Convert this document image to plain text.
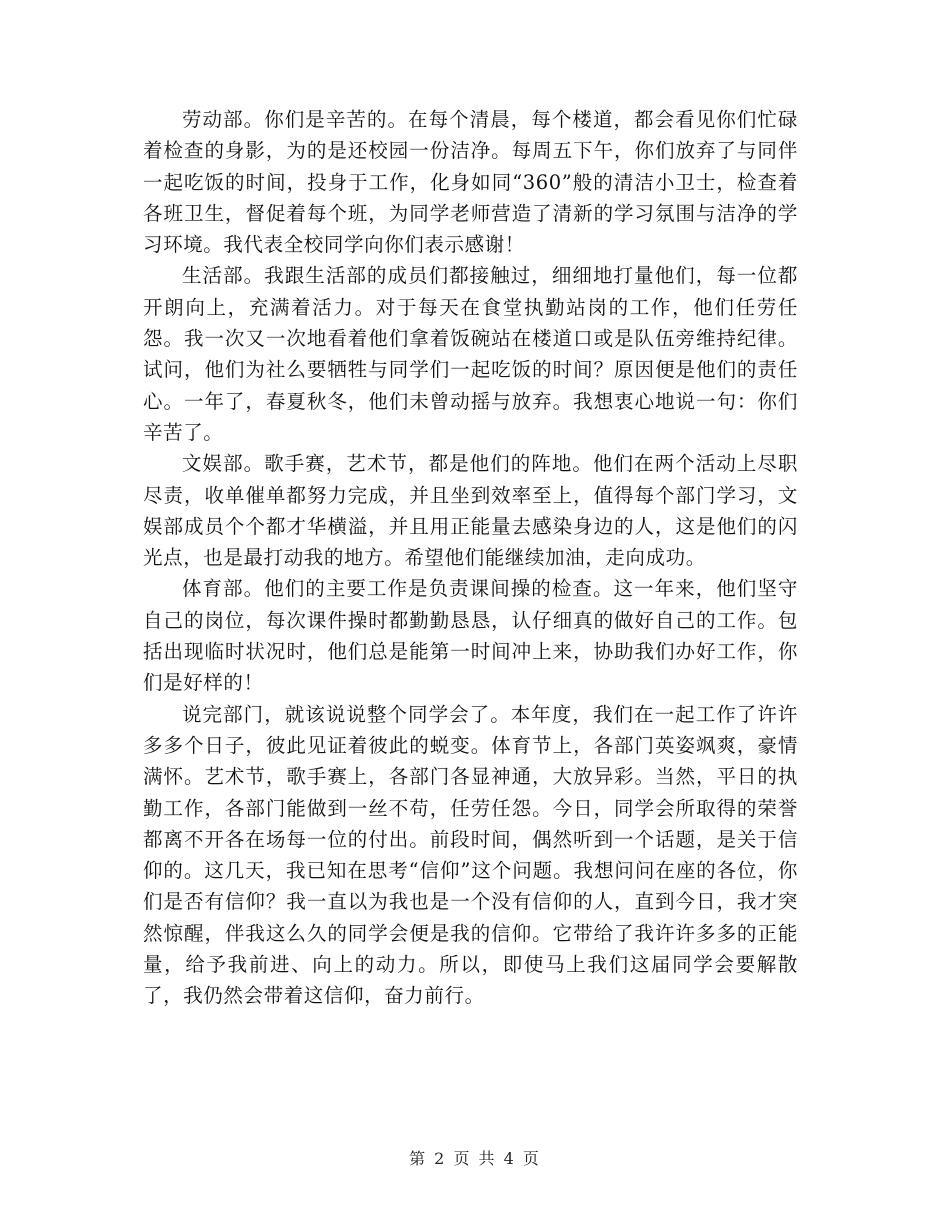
劳动部。你们是辛苦的。在每个清晨，每个楼道，都会看见你们忙碌着检查的身影，为的是还校园一份洁净。每周五下午，你们放弃了与同伴一起吃饭的时间，投身于工作，化身如同“360”般的清洁小卫士，检查着各班卫生，督促着每个班，为同学老师营造了清新的学习氛围与洁净的学习环境。我代表全校同学向你们表示感谢！

生活部。我跟生活部的成员们都接触过，细细地打量他们，每一位都开朗向上，充满着活力。对于每天在食堂执勤站岗的工作，他们任劳任怨。我一次又一次地看着他们拿着饭碗站在楼道口或是队伍旁维持纪律。试问，他们为社么要牺牲与同学们一起吃饭的时间？原因便是他们的责任心。一年了，春夏秋冬，他们未曾动摇与放弃。我想衷心地说一句：你们辛苦了。

文娱部。歌手赛，艺术节，都是他们的阵地。他们在两个活动上尽职尽责，收单催单都努力完成，并且坐到效率至上，值得每个部门学习，文娱部成员个个都才华横溢，并且用正能量去感染身边的人，这是他们的闪光点，也是最打动我的地方。希望他们能继续加油，走向成功。

体育部。他们的主要工作是负责课间操的检查。这一年来，他们坚守自己的岗位，每次课件操时都勤勤恳恳，认仔细真的做好自己的工作。包括出现临时状况时，他们总是能第一时间冲上来，协助我们办好工作，你们是好样的！

说完部门，就该说说整个同学会了。本年度，我们在一起工作了许许多多个日子，彼此见证着彼此的蜕变。体育节上，各部门英姿飒爽，豪情满怀。艺术节，歌手赛上，各部门各显神通，大放异彩。当然，平日的执勤工作，各部门能做到一丝不苟，任劳任怨。今日，同学会所取得的荣誉都离不开各在场每一位的付出。前段时间，偶然听到一个话题，是关于信仰的。这几天，我已知在思考“信仰”这个问题。我想问问在座的各位，你们是否有信仰？我一直以为我也是一个没有信仰的人，直到今日，我才突然惊醒，伴我这么久的同学会便是我的信仰。它带给了我许许多多的正能量，给予我前进、向上的动力。所以，即使马上我们这届同学会要解散了，我仍然会带着这信仰，奋力前行。

第 2 页 共 4 页
